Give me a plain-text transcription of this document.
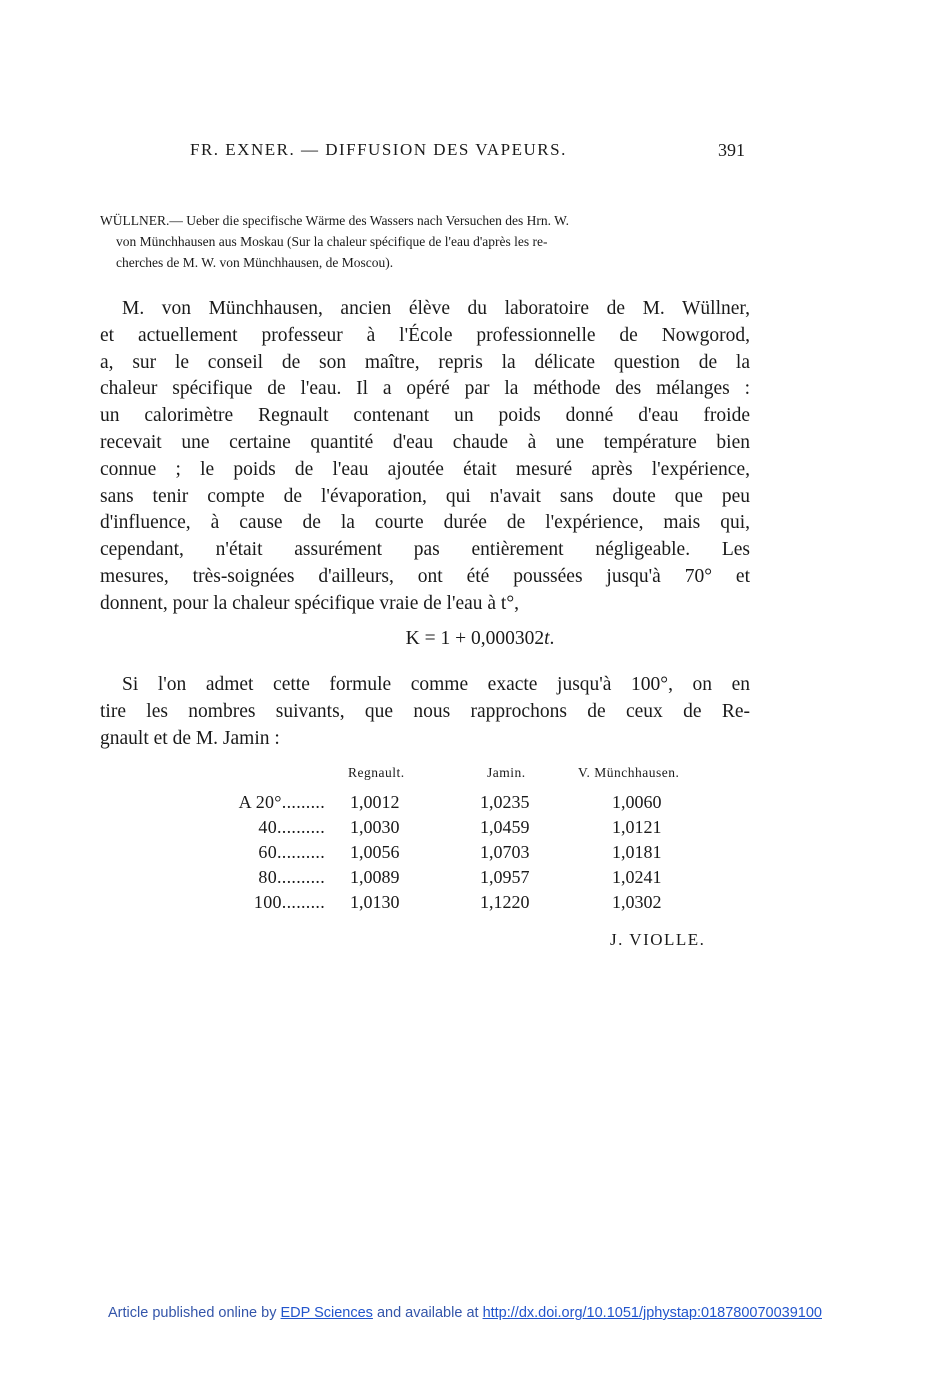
FR. EXNER. — DIFFUSION DES VAPEURS.	391
WÜLLNER.— Ueber die specifische Wärme des Wassers nach Versuchen des Hrn. W.
von Münchhausen aus Moskau (Sur la chaleur spécifique de l'eau d'après les re-
cherches de M. W. von Münchhausen, de Moscou).
M. von Münchhausen, ancien élève du laboratoire de M. Wüllner,
et actuellement professeur à l'École professionnelle de Nowgorod,
a, sur le conseil de son maître, repris la délicate question de la
chaleur spécifique de l'eau. Il a opéré par la méthode des mélanges :
un calorimètre Regnault contenant un poids donné d'eau froide
recevait une certaine quantité d'eau chaude à une température bien
connue ; le poids de l'eau ajoutée était mesuré après l'expérience,
sans tenir compte de l'évaporation, qui n'avait sans doute que peu
d'influence, à cause de la courte durée de l'expérience, mais qui,
cependant, n'était assurément pas entièrement négligeable. Les
mesures, très-soignées d'ailleurs, ont été poussées jusqu'à 70° et
donnent, pour la chaleur spécifique vraie de l'eau à t°,
K = 1 + 0,000302t.
Si l'on admet cette formule comme exacte jusqu'à 100°, on en
tire les nombres suivants, que nous rapprochons de ceux de Re-
gnault et de M. Jamin :
Regnault.	Jamin.	V. Münchhausen.
A 20°......... 1,0012	1,0235	1,0060
40.......... 1,0030	1,0459	1,0121
60.......... 1,0056	1,0703	1,0181
80.......... 1,0089	1,0957	1,0241
100......... 1,0130	1,1220	1,0302
J. VIOLLE.
Article published online by EDP Sciences and available at http://dx.doi.org/10.1051/jphystap:018780070039100
